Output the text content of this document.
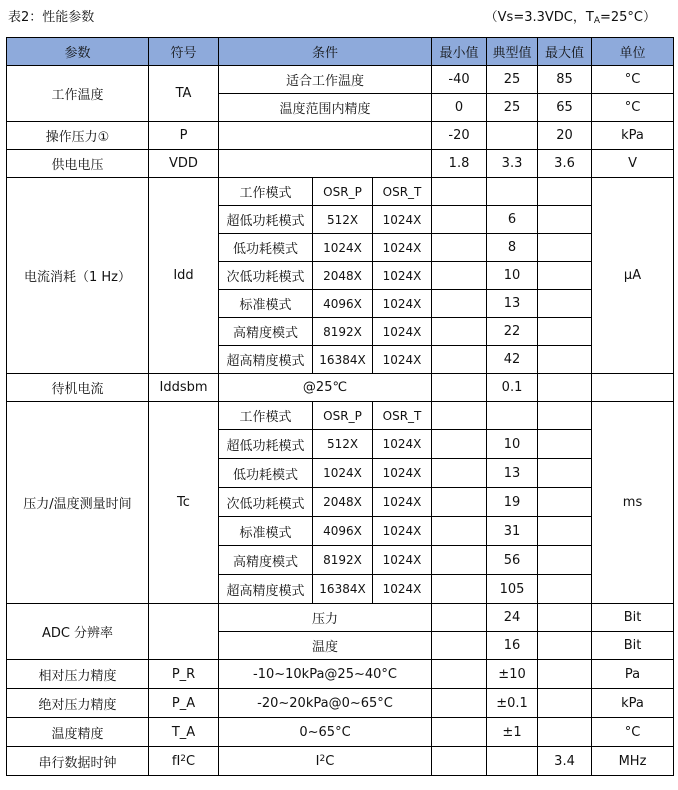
表2：性能参数	（Vs=3.3VDC，$T_A=25^\circ C$）
参数	符号	条件			最小值	典型值	最大值	单位
工作温度	TA	适合工作温度			-40	25	85	°C
		温度范围内精度			0	25	65	°C
操作压力①	P				-20		20	kPa
供电电压	VDD				1.8	3.3	3.6	V
电流消耗（1 Hz）	Idd	工作模式	OSR_P	OSR_T				μA
		超低功耗模式	512X	1024X		6		
		低功耗模式	1024X	1024X		8		
		次低功耗模式	2048X	1024X		10		
		标准模式	4096X	1024X		13		
		高精度模式	8192X	1024X		22		
		超高精度模式	16384X	1024X		42		
待机电流	Iddsbm	@25℃				0.1		
压力/温度测量时间	Tc	工作模式	OSR_P	OSR_T				ms
		超低功耗模式	512X	1024X		10		
		低功耗模式	1024X	1024X		13		
		次低功耗模式	2048X	1024X		19		
		标准模式	4096X	1024X		31		
		高精度模式	8192X	1024X		56		
		超高精度模式	16384X	1024X		105		
ADC 分辨率		压力				24		Bit
		温度				16		Bit
相对压力精度	P_R	-10~10kPa@25~40°C				±10		Pa
绝对压力精度	P_A	-20~20kPa@0~65°C				±0.1		kPa
温度精度	T_A	0~65°C				±1		°C
串行数据时钟	$fI^2C$	$I^2C$					3.4	MHz
